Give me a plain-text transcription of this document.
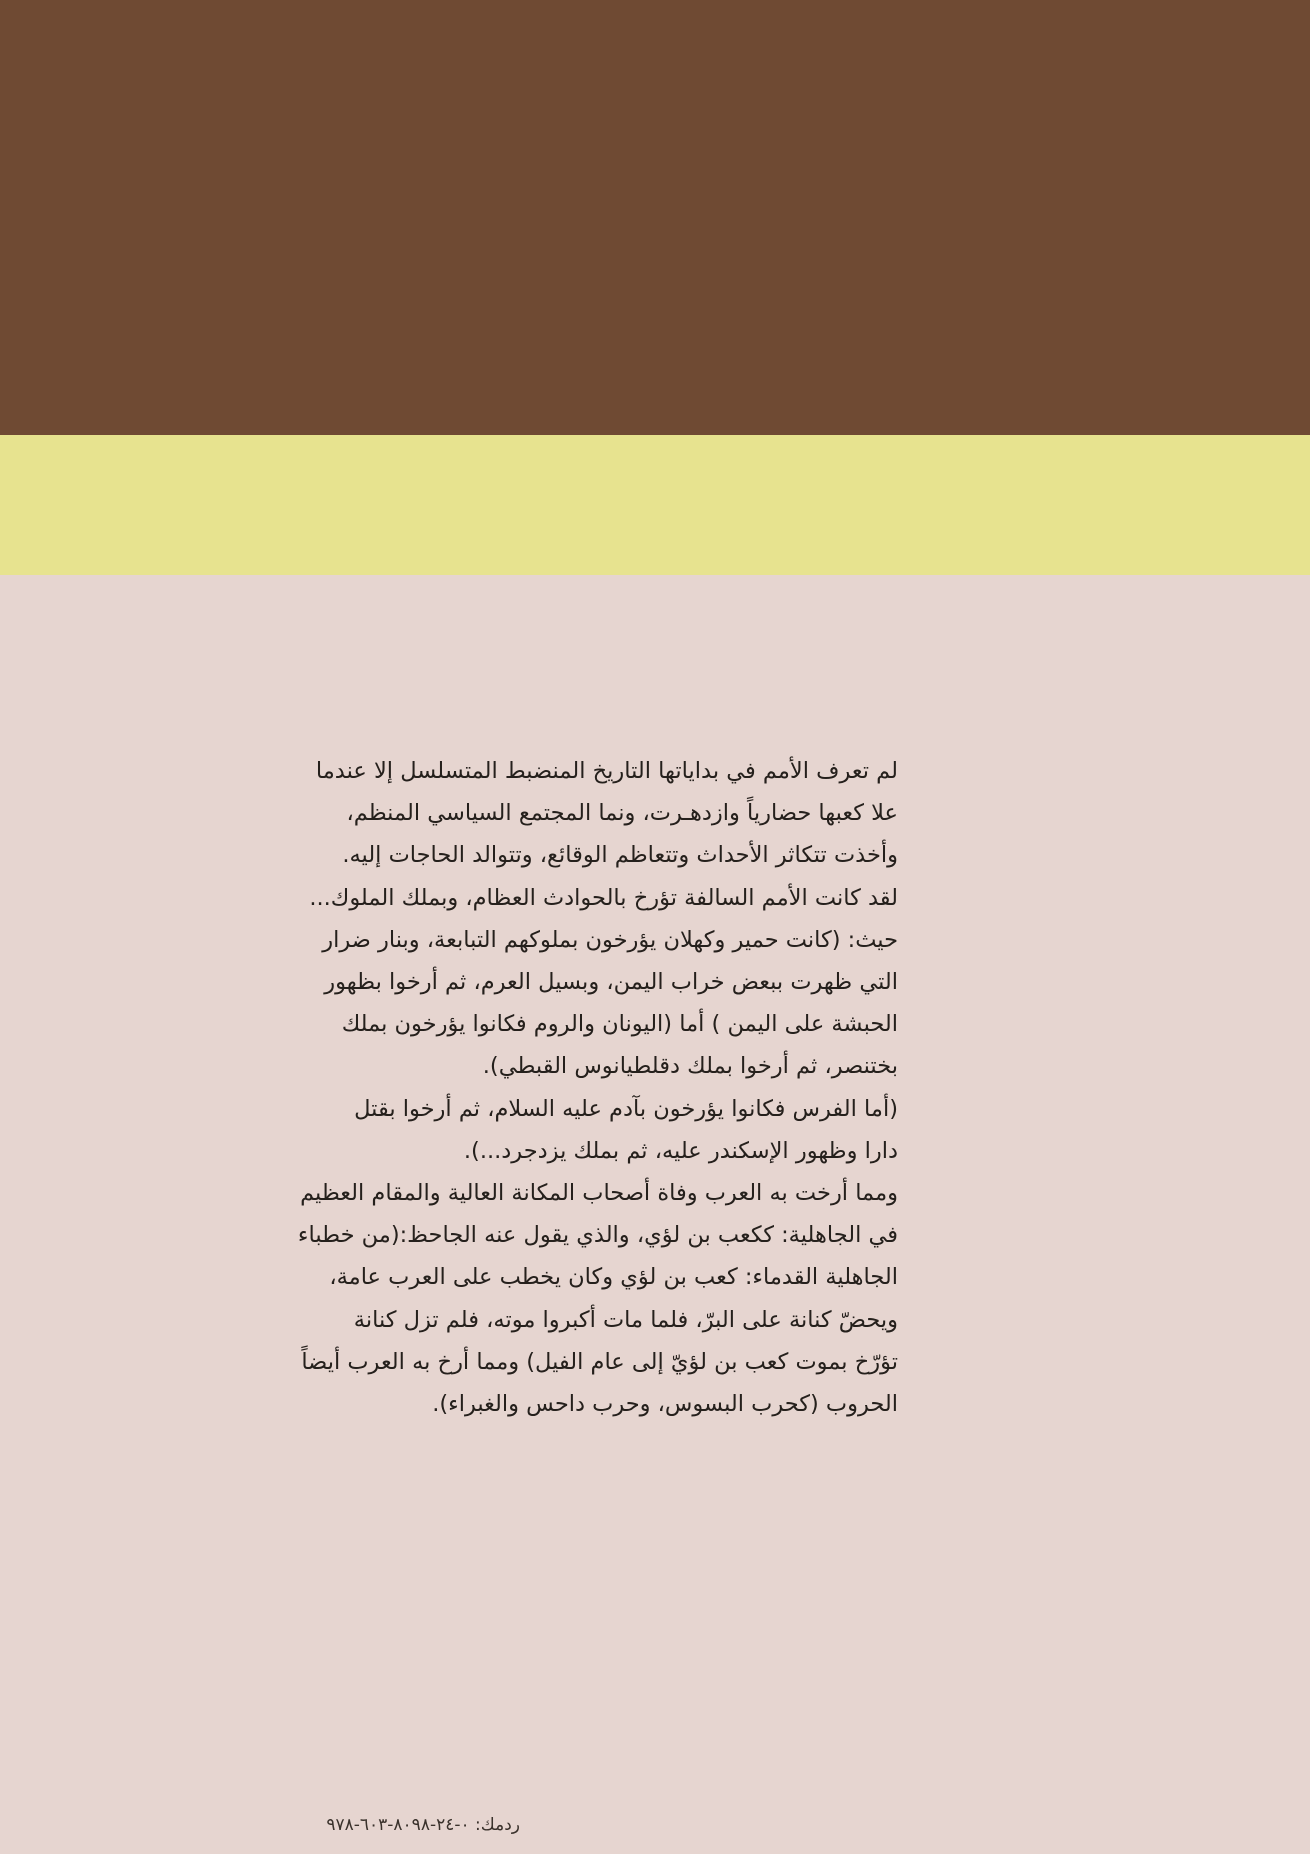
لم تعرف الأمم في بداياتها التاريخ المنضبط المتسلسل إلا عندما
علا كعبها حضارياً وازدهـرت، ونما المجتمع السياسي المنظم،
وأخذت تتكاثر الأحداث وتتعاظم الوقائع، وتتوالد الحاجات إليه.

لقد كانت الأمم السالفة تؤرخ بالحوادث العظام، وبملك الملوك...
حيث: (كانت حمير وكهلان يؤرخون بملوكهم التبابعة، وبنار ضرار
التي ظهرت ببعض خراب اليمن، وبسيل العرم، ثم أرخوا بظهور
الحبشة على اليمن ) أما (اليونان والروم فكانوا يؤرخون بملك
بختنصر، ثم أرخوا بملك دقلطيانوس القبطي).

(أما الفرس فكانوا يؤرخون بآدم عليه السلام، ثم أرخوا بقتل
دارا وظهور الإسكندر عليه، ثم بملك يزدجرد...).

ومما أرخت به العرب وفاة أصحاب المكانة العالية والمقام العظيم
في الجاهلية: ككعب بن لؤي، والذي يقول عنه الجاحظ:(من خطباء
الجاهلية القدماء: كعب بن لؤي وكان يخطب على العرب عامة،
ويحضّ كنانة على البرّ، فلما مات أكبروا موته، فلم تزل كنانة
تؤرّخ بموت كعب بن لؤيّ إلى عام الفيل) ومما أرخ به العرب أيضاً
الحروب (كحرب البسوس، وحرب داحس والغبراء).

ردمك: ٠-٢٤-٨٠٩٨-٦٠٣-٩٧٨
